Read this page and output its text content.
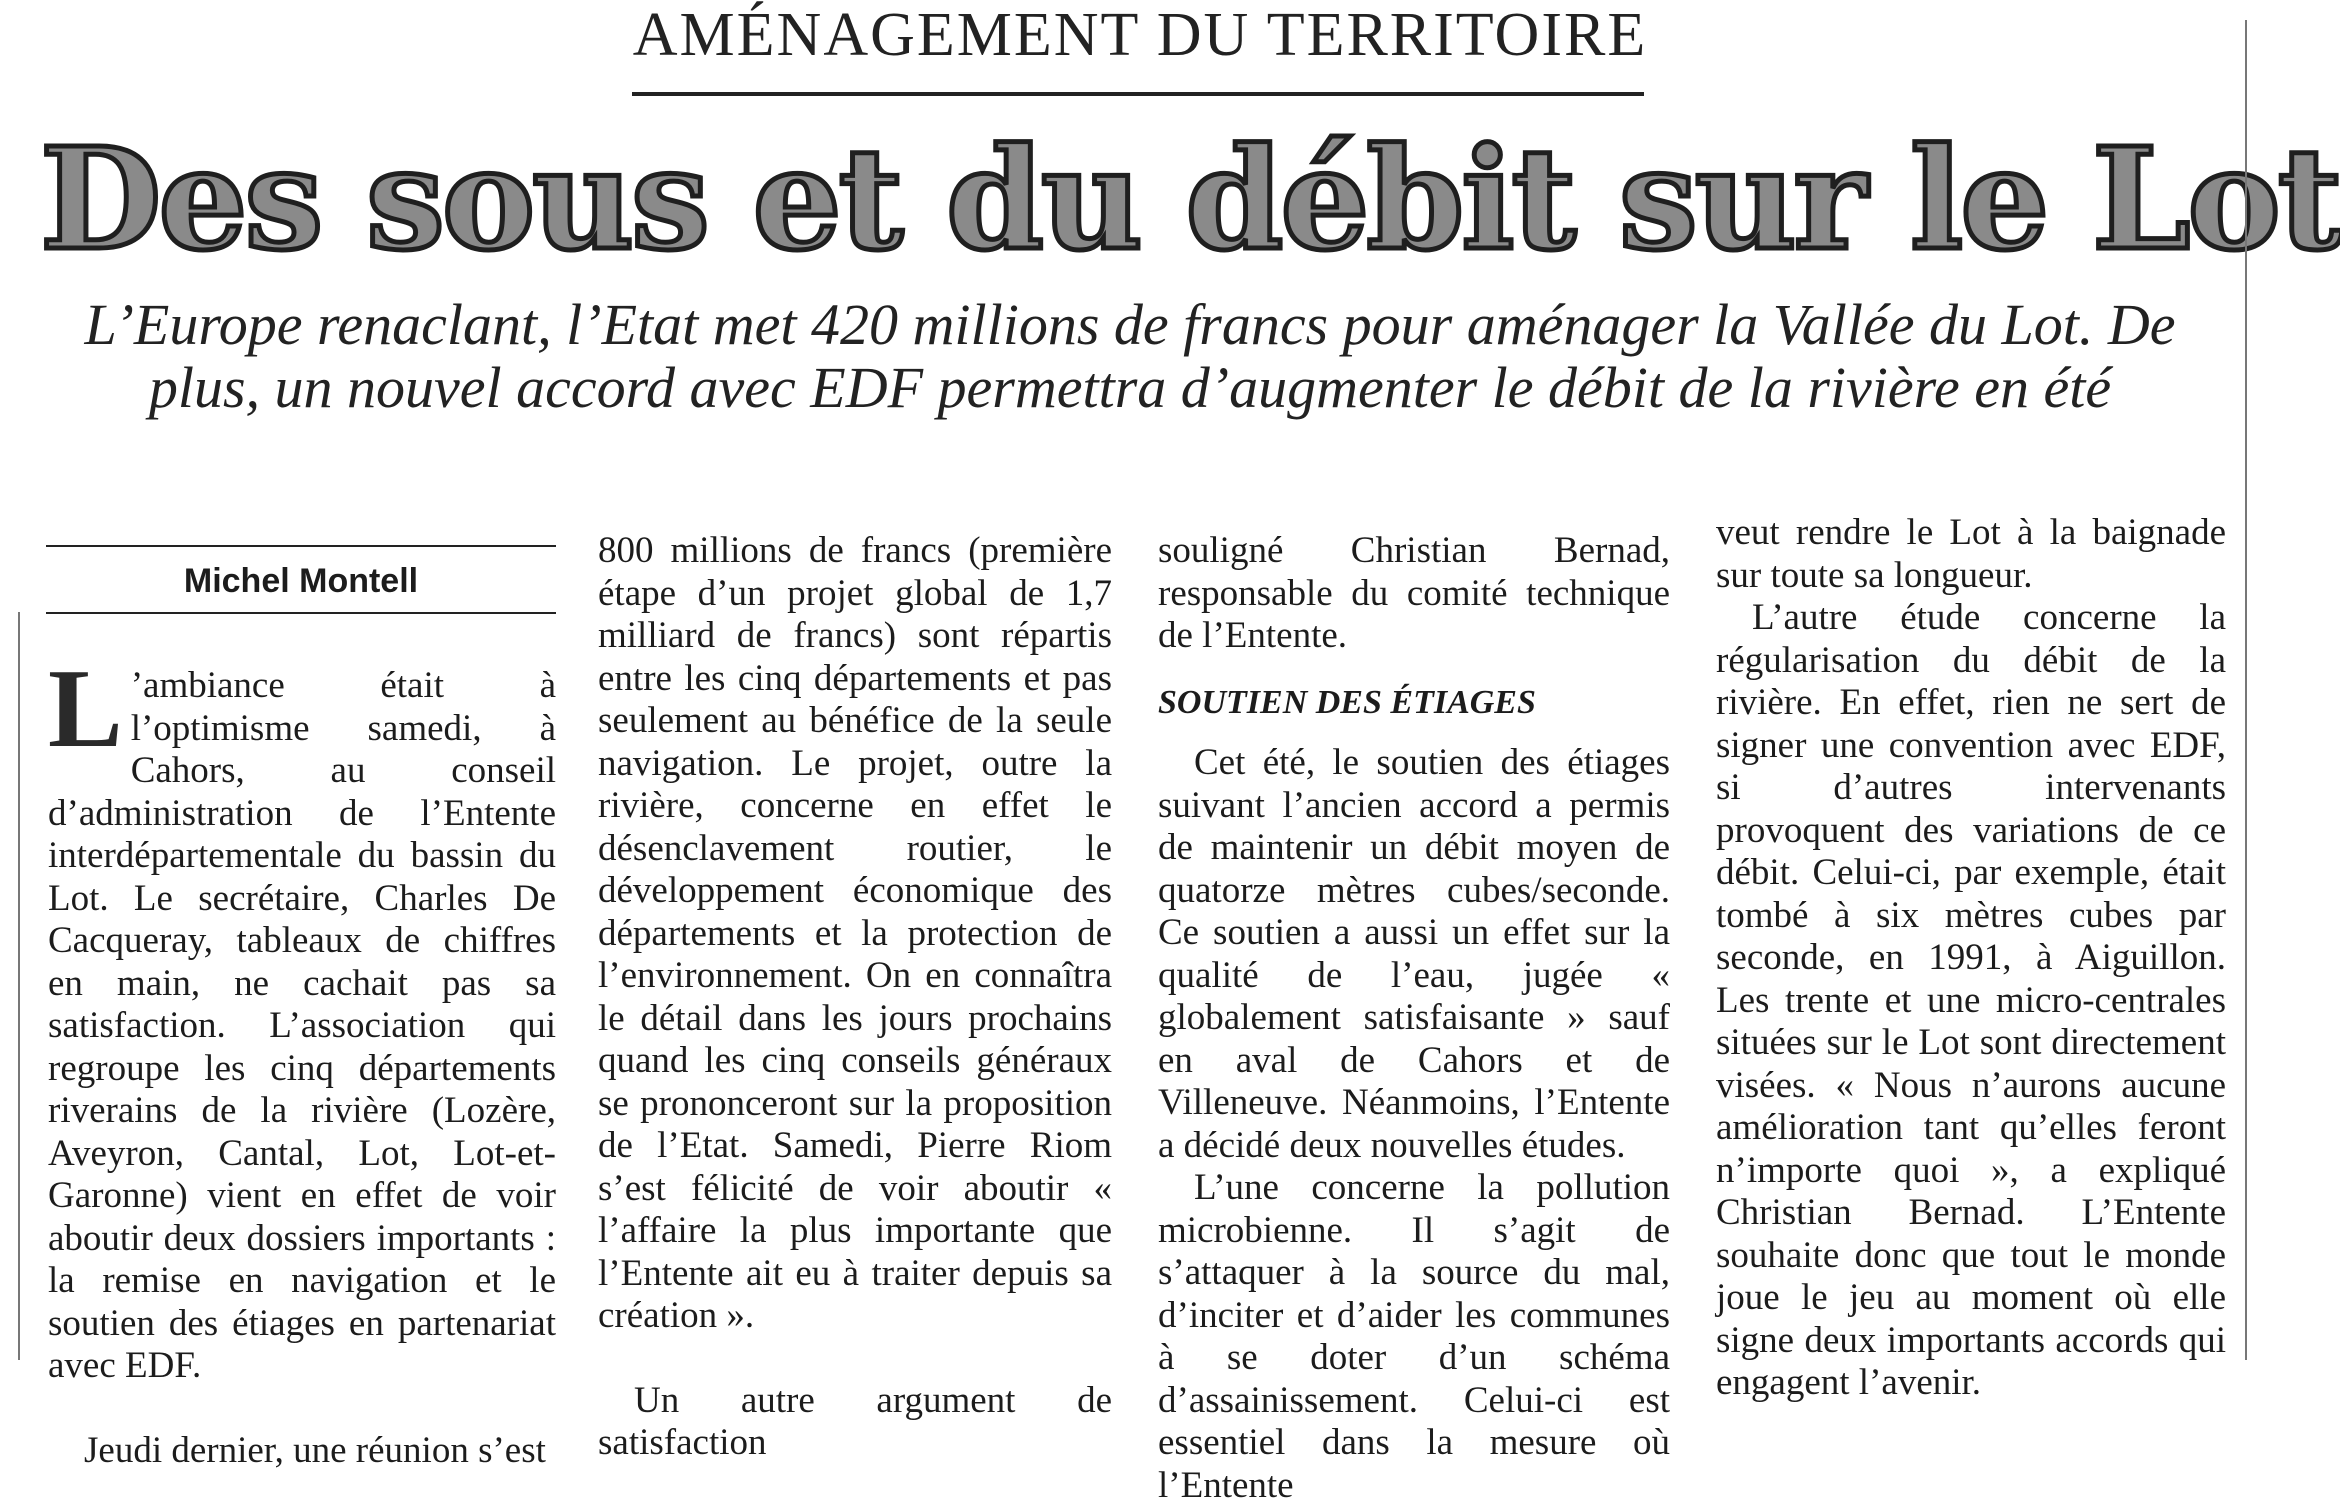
AMÉNAGEMENT DU TERRITOIRE
Des sous et du débit sur le Lot
L’Europe renaclant, l’Etat met 420 millions de francs pour aménager la Vallée du Lot. De plus, un nouvel accord avec EDF permettra d’augmenter le débit de la rivière en été
Michel Montell

L ’ambiance était à l’optimisme samedi, à Cahors, au conseil d’administration de l’Entente interdépartementale du bassin du Lot. Le secrétaire, Charles De Cacqueray, tableaux de chiffres en main, ne cachait pas sa satisfaction. L’association qui regroupe les cinq départements riverains de la rivière (Lozère, Aveyron, Cantal, Lot, Lot-et-Garonne) vient en effet de voir aboutir deux dossiers importants : la remise en navigation et le soutien des étiages en partenariat avec EDF.

Jeudi dernier, une réunion s’est

800 millions de francs (première étape d’un projet global de 1,7 milliard de francs) sont répartis entre les cinq départements et pas seulement au bénéfice de la seule navigation. Le projet, outre la rivière, concerne en effet le désenclavement routier, le développement économique des départements et la protection de l’environnement. On en connaîtra le détail dans les jours prochains quand les cinq conseils généraux se prononceront sur la proposition de l’Etat. Samedi, Pierre Riom s’est félicité de voir aboutir « l’affaire la plus importante que l’Entente ait eu à traiter depuis sa création ».

Un autre argument de satisfaction

souligné Christian Bernad, responsable du comité technique de l’Entente.

SOUTIEN DES ÉTIAGES

Cet été, le soutien des étiages suivant l’ancien accord a permis de maintenir un débit moyen de quatorze mètres cubes/seconde. Ce soutien a aussi un effet sur la qualité de l’eau, jugée « globalement satisfaisante » sauf en aval de Cahors et de Villeneuve. Néanmoins, l’Entente a décidé deux nouvelles études.

L’une concerne la pollution microbienne. Il s’agit de s’attaquer à la source du mal, d’inciter et d’aider les communes à se doter d’un schéma d’assainissement. Celui-ci est essentiel dans la mesure où l’Entente

veut rendre le Lot à la baignade sur toute sa longueur.

L’autre étude concerne la régularisation du débit de la rivière. En effet, rien ne sert de signer une convention avec EDF, si d’autres intervenants provoquent des variations de ce débit. Celui-ci, par exemple, était tombé à six mètres cubes par seconde, en 1991, à Aiguillon. Les trente et une micro-centrales situées sur le Lot sont directement visées. « Nous n’aurons aucune amélioration tant qu’elles feront n’importe quoi », a expliqué Christian Bernad. L’Entente souhaite donc que tout le monde joue le jeu au moment où elle signe deux importants accords qui engagent l’avenir.
